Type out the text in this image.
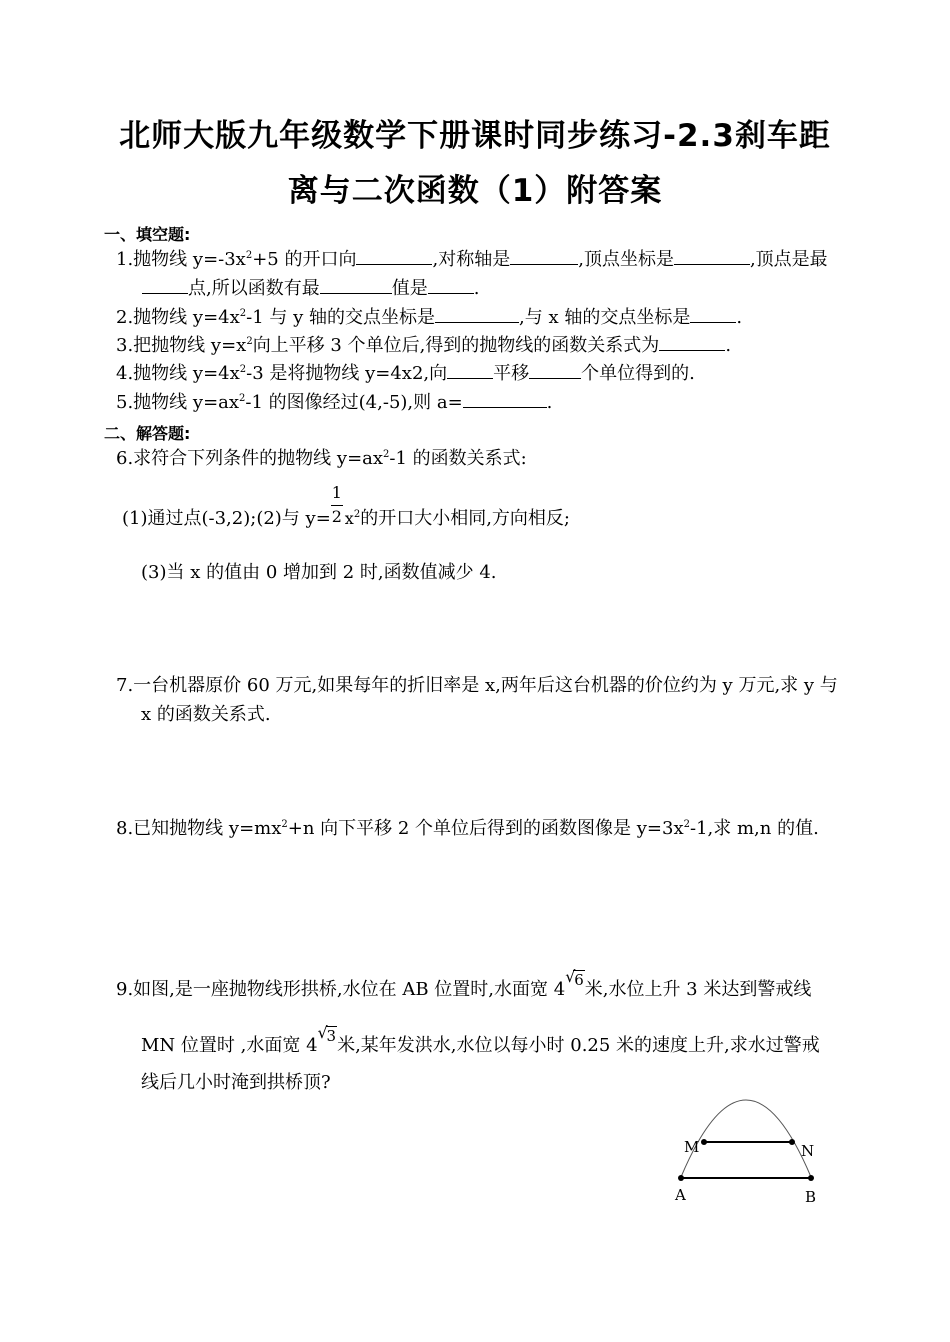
北师大版九年级数学下册课时同步练习-2.3刹车距
离与二次函数（1）附答案
一、填空题:
1.抛物线 $y=-3x^2+5$ 的开口向	,对称轴是	,顶点坐标是	,顶点是最
点,所以函数有最	值是	.
2.抛物线 $y=4x^2-1$ 与 y 轴的交点坐标是	,与 x 轴的交点坐标是	.
3.把抛物线 $y=x^2$向上平移 3 个单位后,得到的抛物线的函数关系式为	.
4.抛物线 $y=4x^2-3$ 是将抛物线 y=4x2,向	平移	个单位得到的.
5.抛物线 $y=ax^2-1$ 的图像经过(4,-5),则 a=	.
二、解答题:
6.求符合下列条件的抛物线 $y=ax^2-1$ 的函数关系式:
(1)通过点(-3,2);(2)与 $y= \frac{1}{2} x^2$的开口大小相同,方向相反;
(3)当 x 的值由 0 增加到 2 时,函数值减少 4.
7.一台机器原价 60 万元,如果每年的折旧率是 x,两年后这台机器的价位约为 y 万元,求 y 与
x 的函数关系式.
8.已知抛物线 $y=mx^2+n$ 向下平移 2 个单位后得到的函数图像是 $y=3x^2-1$,求 m,n 的值.
9.如图,是一座抛物线形拱桥,水位在 AB 位置时,水面宽 4
√
6米,水位上升 3 米达到警戒线
MN 位置时 ,水面宽 4
√
3米,某年发洪水,水位以每小时 0.25 米的速度上升,求水过警戒
线后几小时淹到拱桥顶?
M	N
A	B
